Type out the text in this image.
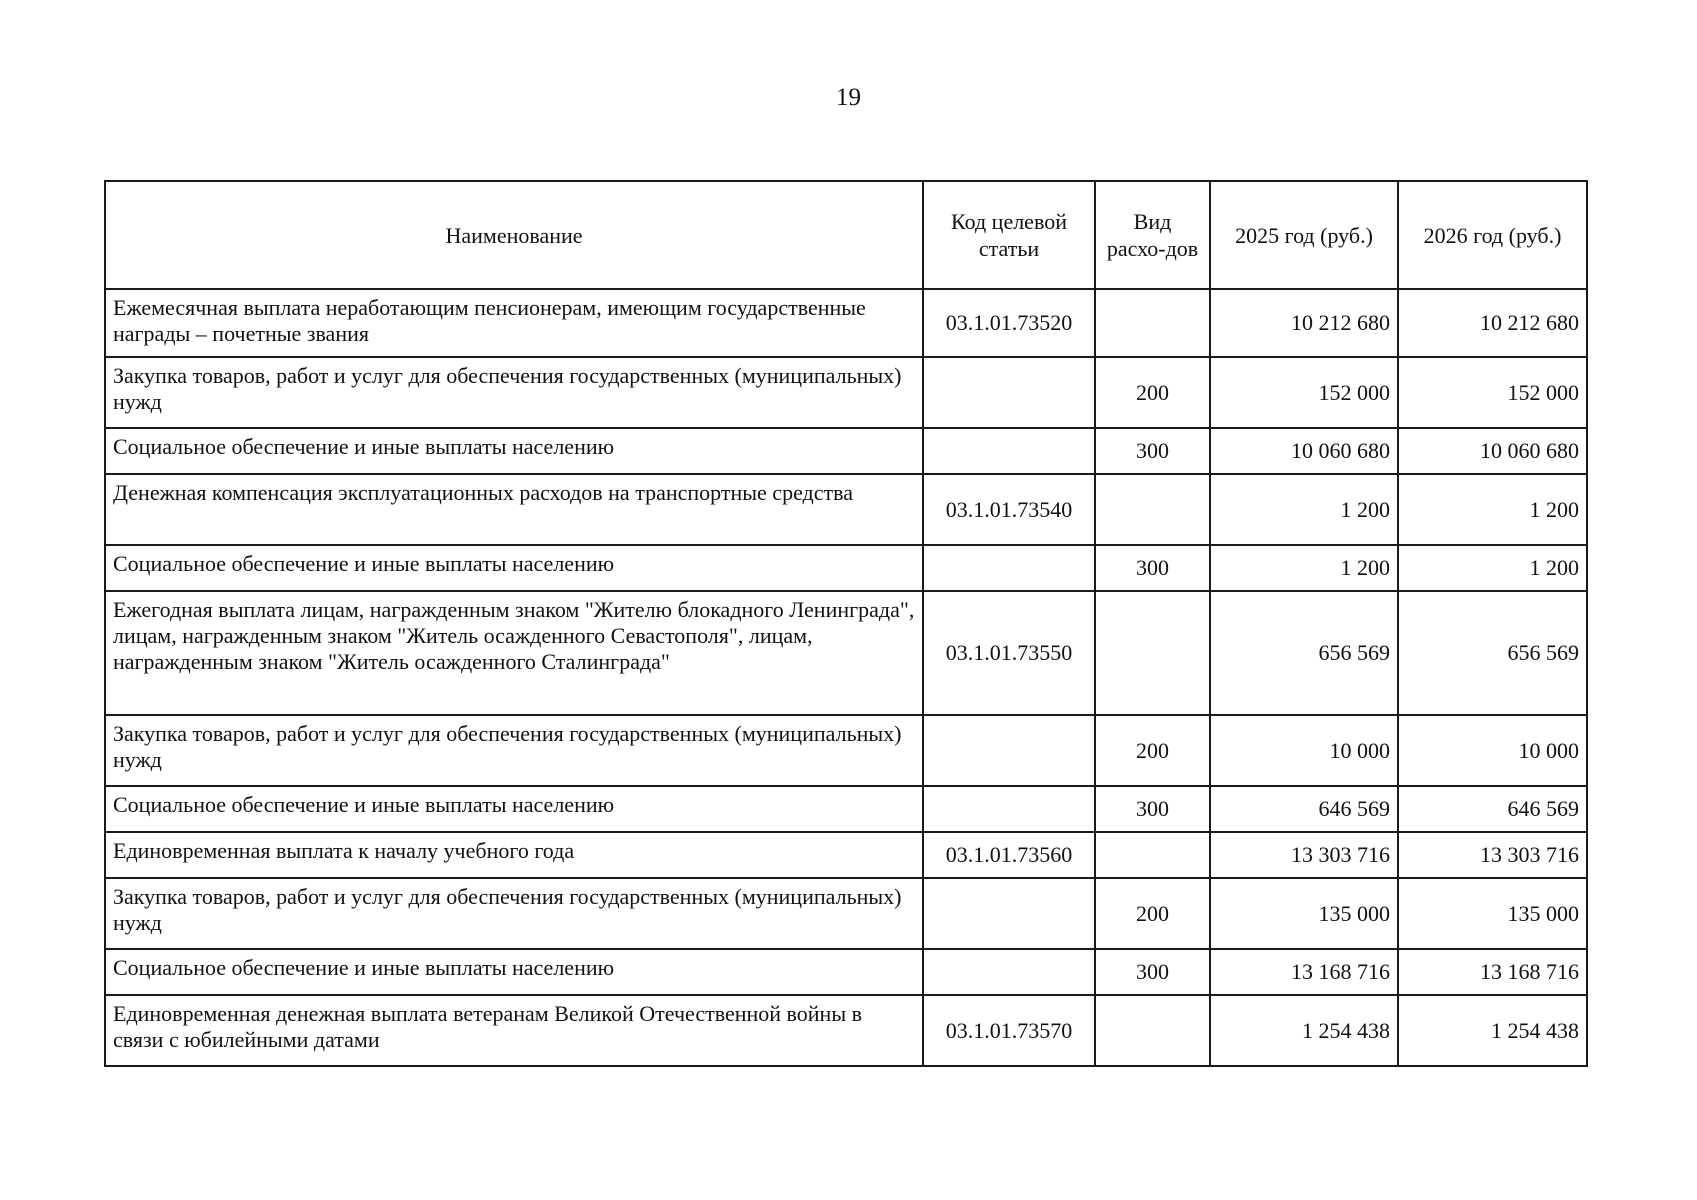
19
Наименование	Код целевой статьи	Вид расхо-дов	2025 год (руб.)	2026 год (руб.)
Ежемесячная выплата неработающим пенсионерам, имеющим государственные награды – почетные звания	03.1.01.73520		10 212 680	10 212 680
Закупка товаров, работ и услуг для обеспечения государственных (муниципальных) нужд		200	152 000	152 000
Социальное обеспечение и иные выплаты населению		300	10 060 680	10 060 680
Денежная компенсация эксплуатационных расходов на транспортные средства	03.1.01.73540		1 200	1 200
Социальное обеспечение и иные выплаты населению		300	1 200	1 200
Ежегодная выплата лицам, награжденным знаком "Жителю блокадного Ленинграда", лицам, награжденным знаком "Житель осажденного Севастополя", лицам, награжденным знаком "Житель осажденного Сталинграда"	03.1.01.73550		656 569	656 569
Закупка товаров, работ и услуг для обеспечения государственных (муниципальных) нужд		200	10 000	10 000
Социальное обеспечение и иные выплаты населению		300	646 569	646 569
Единовременная выплата к началу учебного года	03.1.01.73560		13 303 716	13 303 716
Закупка товаров, работ и услуг для обеспечения государственных (муниципальных) нужд		200	135 000	135 000
Социальное обеспечение и иные выплаты населению		300	13 168 716	13 168 716
Единовременная денежная выплата ветеранам Великой Отечественной войны в связи с юбилейными датами	03.1.01.73570		1 254 438	1 254 438
